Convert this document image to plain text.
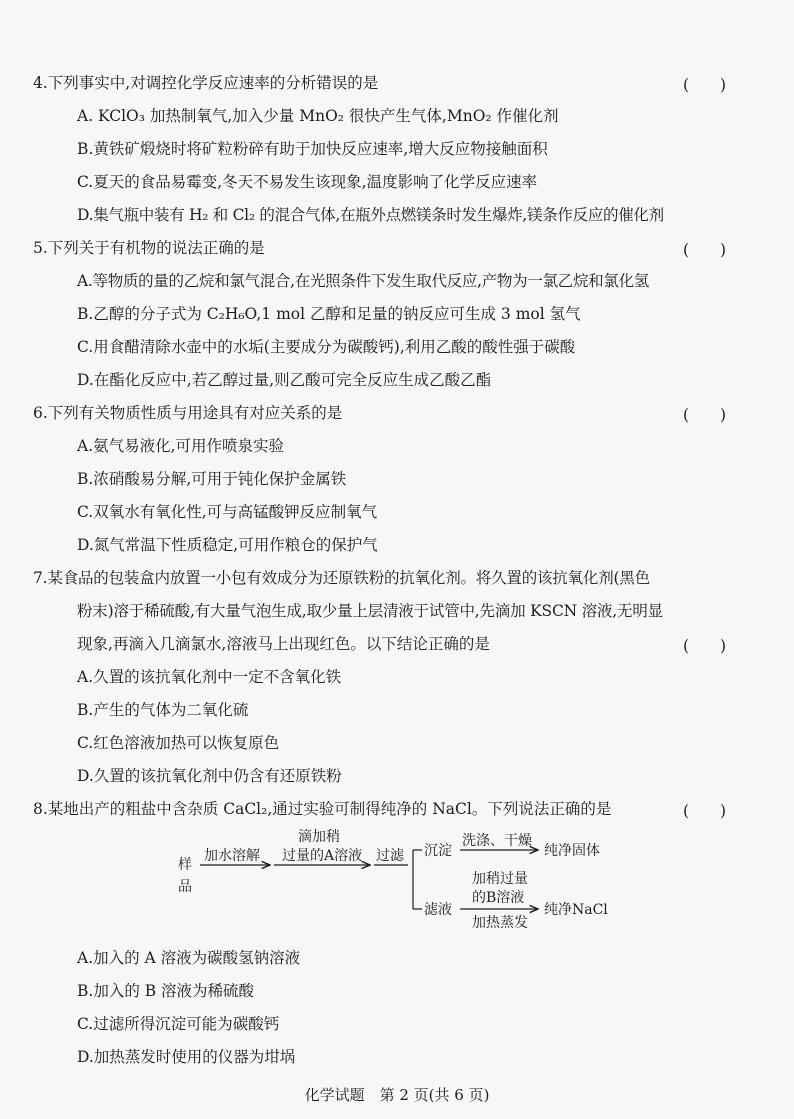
4.下列事实中,对调控化学反应速率的分析错误的是	(　　)
A. KClO₃ 加热制氧气,加入少量 MnO₂ 很快产生气体,MnO₂ 作催化剂
B.黄铁矿煅烧时将矿粒粉碎有助于加快反应速率,增大反应物接触面积
C.夏天的食品易霉变,冬天不易发生该现象,温度影响了化学反应速率
D.集气瓶中装有 H₂ 和 Cl₂ 的混合气体,在瓶外点燃镁条时发生爆炸,镁条作反应的催化剂
5.下列关于有机物的说法正确的是	(　　)
A.等物质的量的乙烷和氯气混合,在光照条件下发生取代反应,产物为一氯乙烷和氯化氢
B.乙醇的分子式为 C₂H₆O,1 mol 乙醇和足量的钠反应可生成 3 mol 氢气
C.用食醋清除水壶中的水垢(主要成分为碳酸钙),利用乙酸的酸性强于碳酸
D.在酯化反应中,若乙醇过量,则乙酸可完全反应生成乙酸乙酯
6.下列有关物质性质与用途具有对应关系的是	(　　)
A.氨气易液化,可用作喷泉实验
B.浓硝酸易分解,可用于钝化保护金属铁
C.双氧水有氧化性,可与高锰酸钾反应制氧气
D.氮气常温下性质稳定,可用作粮仓的保护气
7.某食品的包装盒内放置一小包有效成分为还原铁粉的抗氧化剂。将久置的该抗氧化剂(黑色
粉末)溶于稀硫酸,有大量气泡生成,取少量上层清液于试管中,先滴加 KSCN 溶液,无明显
现象,再滴入几滴氯水,溶液马上出现红色。以下结论正确的是	(　　)
A.久置的该抗氧化剂中一定不含氧化铁
B.产生的气体为二氧化硫
C.红色溶液加热可以恢复原色
D.久置的该抗氧化剂中仍含有还原铁粉
8.某地出产的粗盐中含杂质 CaCl₂,通过实验可制得纯净的 NaCl。下列说法正确的是	(　　)
样
品
加水溶解
滴加稍
过量的A溶液 过滤 沉淀
洗涤、干燥
纯净固体
滤液
加稍过量
的B溶液
加热蒸发
纯净NaCl
A.加入的 A 溶液为碳酸氢钠溶液
B.加入的 B 溶液为稀硫酸
C.过滤所得沉淀可能为碳酸钙
D.加热蒸发时使用的仪器为坩埚
化学试题　第 2 页(共 6 页)
